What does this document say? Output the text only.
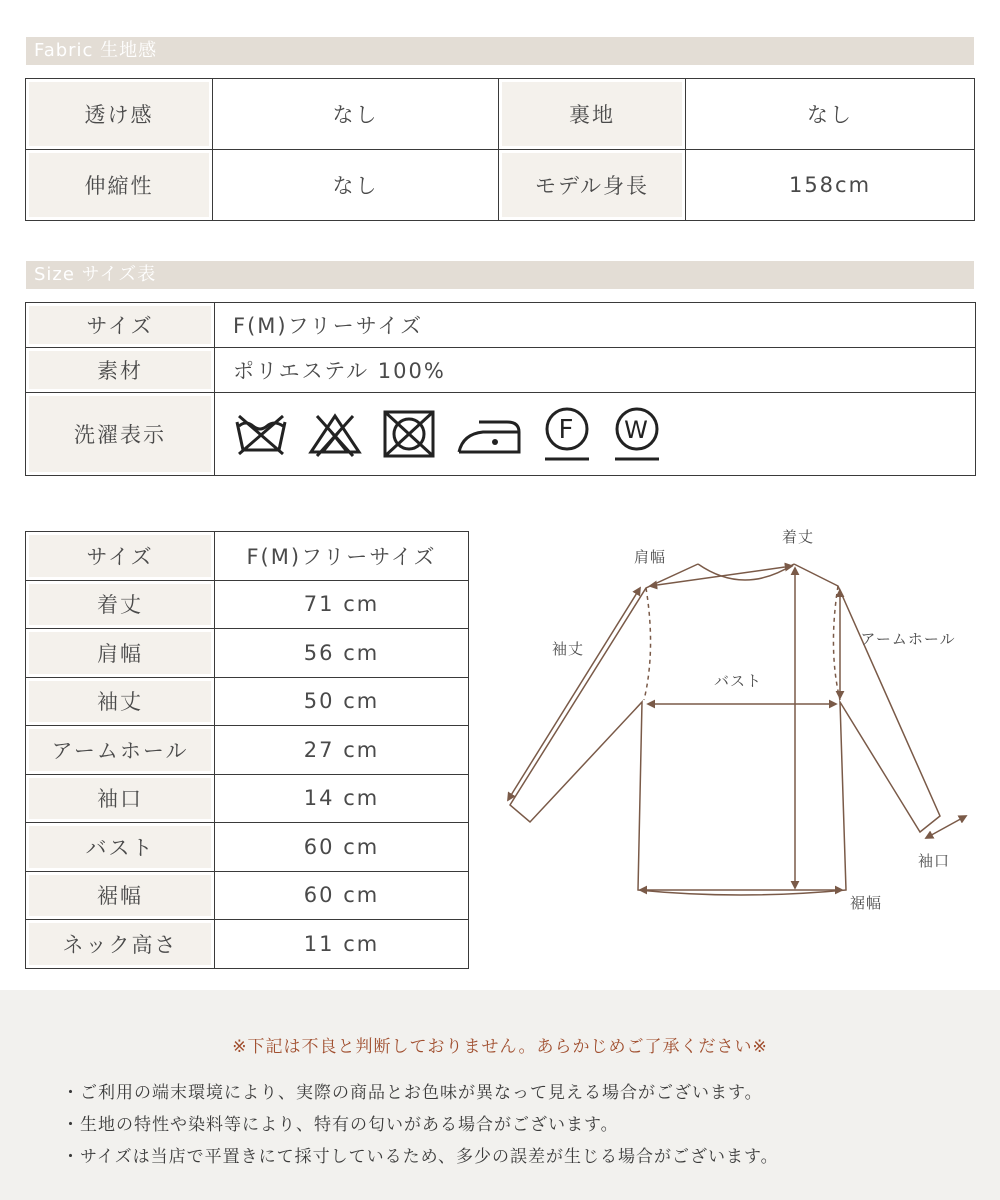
Fabric 生地感
透け感	なし	裏地	なし
伸縮性	なし	モデル身長	158cm
Size サイズ表
サイズ	F(M)フリーサイズ
素材	ポリエステル 100%
洗濯表示	F W
サイズ	F(M)フリーサイズ
着丈	71 cm
肩幅	56 cm
袖丈	50 cm
アームホール	27 cm
袖口	14 cm
バスト	60 cm
裾幅	60 cm
ネック高さ	11 cm
着丈
肩幅
袖丈
アームホール
バスト
袖口
裾幅
※下記は不良と判断しておりません。あらかじめご了承ください※
・ご利用の端末環境により、実際の商品とお色味が異なって見える場合がございます。
・生地の特性や染料等により、特有の匂いがある場合がございます。
・サイズは当店で平置きにて採寸しているため、多少の誤差が生じる場合がございます。
